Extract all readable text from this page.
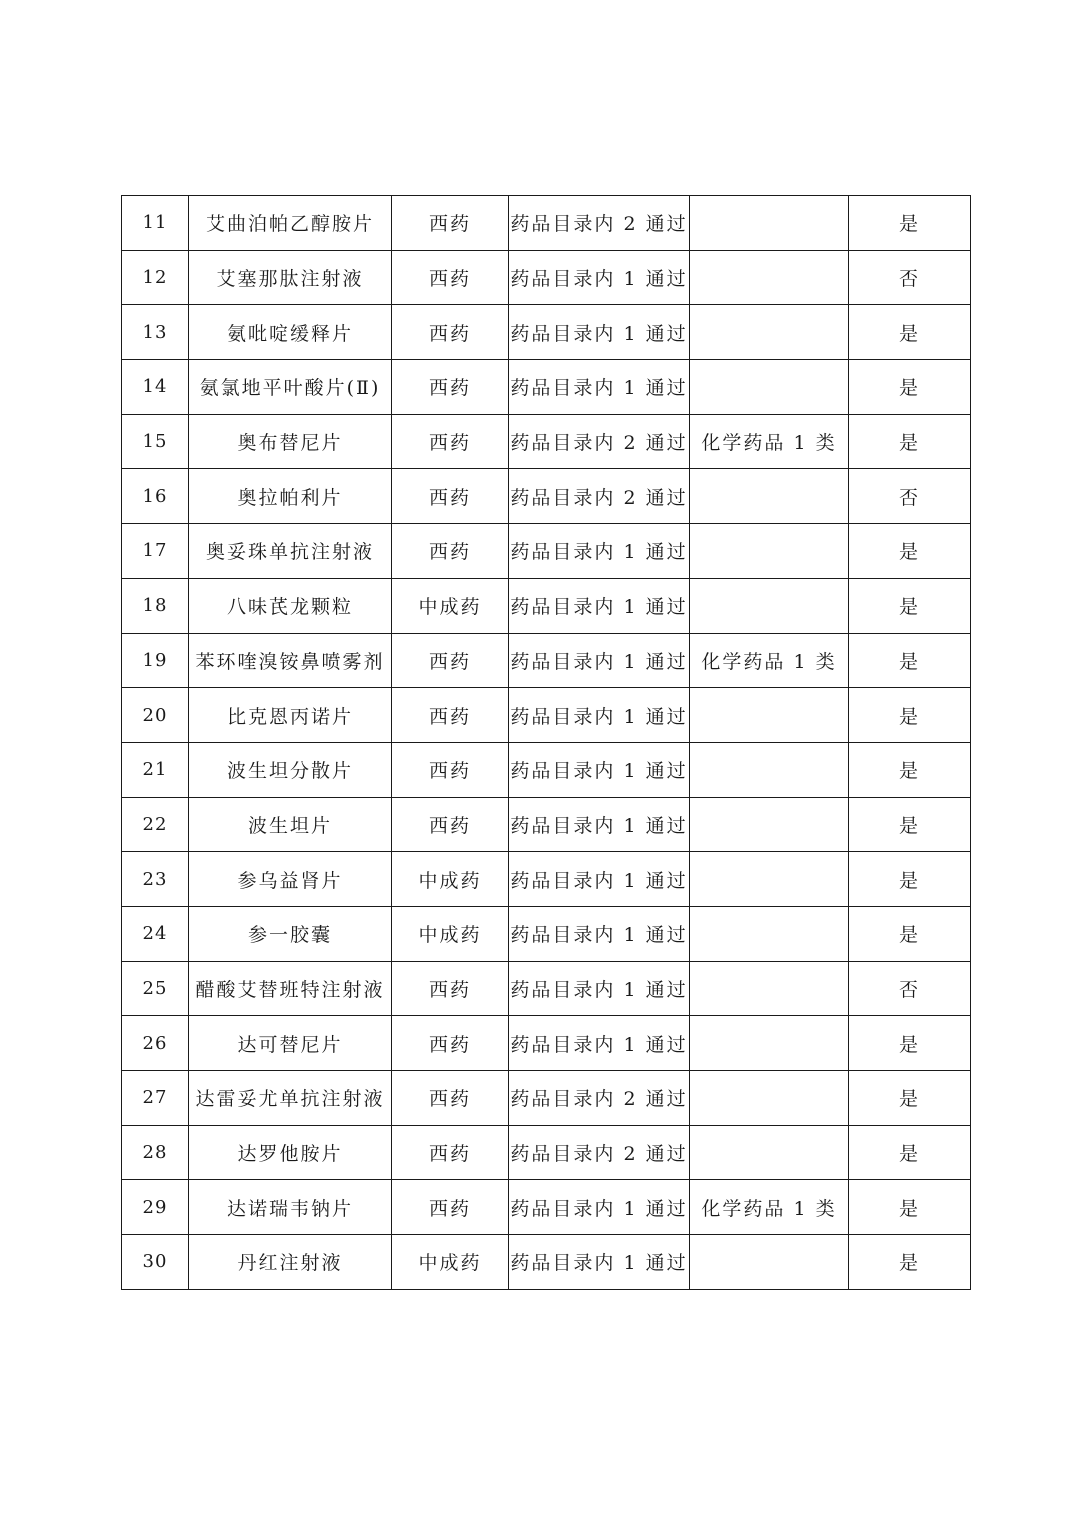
11	艾曲泊帕乙醇胺片	西药	药品目录内 2 通过		是
12	艾塞那肽注射液	西药	药品目录内 1 通过		否
13	氨吡啶缓释片	西药	药品目录内 1 通过		是
14	氨氯地平叶酸片(Ⅱ)	西药	药品目录内 1 通过		是
15	奥布替尼片	西药	药品目录内 2 通过	化学药品 1 类	是
16	奥拉帕利片	西药	药品目录内 2 通过		否
17	奥妥珠单抗注射液	西药	药品目录内 1 通过		是
18	八味芪龙颗粒	中成药	药品目录内 1 通过		是
19	苯环喹溴铵鼻喷雾剂	西药	药品目录内 1 通过	化学药品 1 类	是
20	比克恩丙诺片	西药	药品目录内 1 通过		是
21	波生坦分散片	西药	药品目录内 1 通过		是
22	波生坦片	西药	药品目录内 1 通过		是
23	参乌益肾片	中成药	药品目录内 1 通过		是
24	参一胶囊	中成药	药品目录内 1 通过		是
25	醋酸艾替班特注射液	西药	药品目录内 1 通过		否
26	达可替尼片	西药	药品目录内 1 通过		是
27	达雷妥尤单抗注射液	西药	药品目录内 2 通过		是
28	达罗他胺片	西药	药品目录内 2 通过		是
29	达诺瑞韦钠片	西药	药品目录内 1 通过	化学药品 1 类	是
30	丹红注射液	中成药	药品目录内 1 通过		是
